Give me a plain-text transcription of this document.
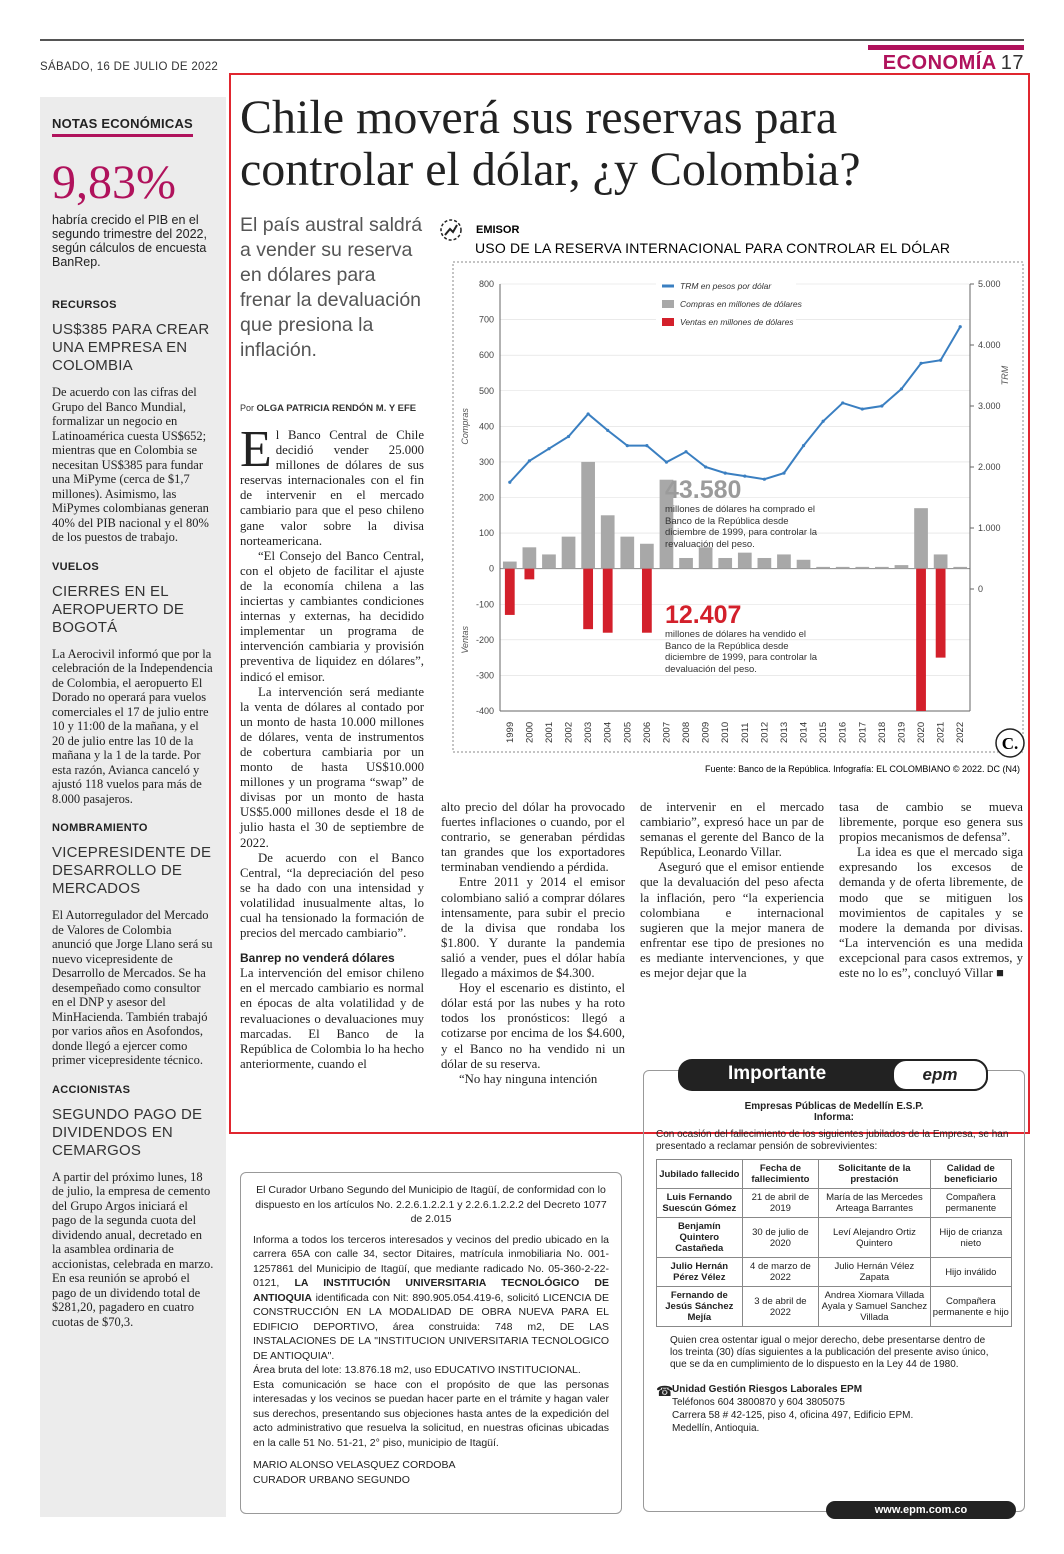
SÁBADO, 16 DE JULIO DE 2022	ECONOMÍA 17
NOTAS ECONÓMICAS
9,83%
habría crecido el PIB en el segundo trimestre del 2022, según cálculos de encuesta BanRep.
RECURSOS
US$385 PARA CREAR UNA EMPRESA EN COLOMBIA
De acuerdo con las cifras del Grupo del Banco Mundial, formalizar un negocio en Latinoamérica cuesta US$652; mientras que en Colombia se necesitan US$385 para fundar una MiPyme (cerca de $1,7 millones). Asimismo, las MiPymes colombianas generan 40% del PIB nacional y el 80% de los puestos de trabajo.
VUELOS
CIERRES EN EL AEROPUERTO DE BOGOTÁ
La Aerocivil informó que por la celebración de la Independencia de Colombia, el aeropuerto El Dorado no operará para vuelos comerciales el 17 de julio entre 10 y 11:00 de la mañana, y el 20 de julio entre las 10 de la mañana y la 1 de la tarde. Por esta razón, Avianca canceló y ajustó 118 vuelos para más de 8.000 pasajeros.
NOMBRAMIENTO
VICEPRESIDENTE DE DESARROLLO DE MERCADOS
El Autorregulador del Mercado de Valores de Colombia anunció que Jorge Llano será su nuevo vicepresidente de Desarrollo de Mercados. Se ha desempeñado como consultor en el DNP y asesor del MinHacienda. También trabajó por varios años en Asofondos, donde llegó a ejercer como primer vicepresidente técnico.
ACCIONISTAS
SEGUNDO PAGO DE DIVIDENDOS EN CEMARGOS
A partir del próximo lunes, 18 de julio, la empresa de cemento del Grupo Argos iniciará el pago de la segunda cuota del dividendo anual, decretado en la asamblea ordinaria de accionistas, celebrada en marzo. En esa reunión se aprobó el pago de un dividendo total de $281,20, pagadero en cuatro cuotas de $70,3.
Chile moverá sus reservas para
controlar el dólar, ¿y Colombia?
El país austral saldrá a vender su reserva en dólares para frenar la devaluación que presiona la inflación.
Por OLGA PATRICIA RENDÓN M. Y EFE

El Banco Central de Chile decidió vender 25.000 millones de dólares de sus reservas internacionales con el fin de intervenir en el mercado cambiario para que el peso chileno gane valor sobre la divisa norteamericana.

“El Consejo del Banco Central, con el objeto de facilitar el ajuste de la economía chilena a las inciertas y cambiantes condiciones internas y externas, ha decidido implementar un programa de intervención cambiaria y provisión preventiva de liquidez en dólares”, indicó el emisor.

La intervención será mediante la venta de dólares al contado por un monto de hasta 10.000 millones de dólares, venta de instrumentos de cobertura cambiaria por un monto de hasta US$10.000 millones y un programa “swap” de divisas por un monto de hasta US$5.000 millones desde el 18 de julio hasta el 30 de septiembre de 2022.

De acuerdo con el Banco Central, “la depreciación del peso se ha dado con una intensidad y volatilidad inusualmente altas, lo cual ha tensionado la formación de precios del mercado cambiario”.

Banrep no venderá dólares

La intervención del emisor chileno en el mercado cambiario es normal en épocas de alta volatilidad y de revaluaciones o devaluaciones muy marcadas. El Banco de la República de Colombia lo ha hecho anteriormente, cuando el

alto precio del dólar ha provocado fuertes inflaciones o cuando, por el contrario, se generaban pérdidas tan grandes que los exportadores terminaban vendiendo a pérdida.

Entre 2011 y 2014 el emisor colombiano salió a comprar dólares intensamente, para subir el precio de la divisa que rondaba los $1.800. Y durante la pandemia salió a vender, pues el dólar había llegado a máximos de $4.300.

Hoy el escenario es distinto, el dólar está por las nubes y ha roto todos los pronósticos: llegó a cotizarse por encima de los $4.600, y el Banco no ha vendido ni un dólar de su reserva.

“No hay ninguna intención

de intervenir en el mercado cambiario”, expresó hace un par de semanas el gerente del Banco de la República, Leonardo Villar.

Aseguró que el emisor entiende que la devaluación del peso afecta la inflación, pero “la experiencia colombiana e internacional sugieren que la mejor manera de enfrentar ese tipo de presiones no es mediante intervenciones, y que es mejor dejar que la

tasa de cambio se mueva libremente, porque eso genera sus propios mecanismos de defensa”.

La idea es que el mercado siga expresando los excesos de demanda y de oferta libremente, de modo que se mitiguen los movimientos de capitales y se modere la demanda por divisas. “La intervención es una medida excepcional para casos extremos, y este no lo es”, concluyó Villar ■

EMISOR
USO DE LA RESERVA INTERNACIONAL PARA CONTROLAR EL DÓLAR
800
700
600
500
400
300
200
100
0
-100
-200
-300
-400
5.000
4.000
3.000
2.000
1.000
0
1999 2000 2001 2002 2003 2004 2005 2006 2007 2008 2009 2010 2011 2012 2013 2014 2015 2016 2017 2018 2019 2020 2021 2022
Compras
Ventas
TRM
TRM en pesos por dólar
Compras en millones de dólares
Ventas en millones de dólares
43.580
millones de dólares ha comprado el Banco de la República desde diciembre de 1999, para controlar la revaluación del peso.
12.407
millones de dólares ha vendido el Banco de la República desde diciembre de 1999, para controlar la devaluación del peso.
Fuente: Banco de la República. Infografía: EL COLOMBIANO © 2022. DC (N4)
C.
El Curador Urbano Segundo del Municipio de Itagüí, de conformidad con lo dispuesto en los artículos No. 2.2.6.1.2.2.1 y 2.2.6.1.2.2.2 del Decreto 1077 de 2.015
Informa a todos los terceros interesados y vecinos del predio ubicado en la carrera 65A con calle 34, sector Ditaires, matrícula inmobiliaria No. 001-1257861 del Municipio de Itagüí, que mediante radicado No. 05-360-2-22-0121, LA INSTITUCIÓN UNIVERSITARIA TECNOLÓGICO DE ANTIOQUIA identificada con Nit: 890.905.054.419-6, solicitó LICENCIA DE CONSTRUCCIÓN EN LA MODALIDAD DE OBRA NUEVA PARA EL EDIFICIO DEPORTIVO, área construida: 748 m2, DE LAS INSTALACIONES DE LA "INSTITUCION UNIVERSITARIA TECNOLOGICO DE ANTIOQUIA".
Área bruta del lote: 13.876.18 m2, uso EDUCATIVO INSTITUCIONAL.
Esta comunicación se hace con el propósito de que las personas interesadas y los vecinos se puedan hacer parte en el trámite y hagan valer sus derechos, presentando sus objeciones hasta antes de la expedición del acto administrativo que resuelva la solicitud, en nuestras oficinas ubicadas en la calle 51 No. 51-21, 2° piso, municipio de Itagüí.
MARIO ALONSO VELASQUEZ CORDOBA
CURADOR URBANO SEGUNDO
Importante	epm
Empresas Públicas de Medellín E.S.P.
Informa:
Con ocasión del fallecimiento de los siguientes jubilados de la Empresa, se han presentado a reclamar pensión de sobrevivientes:
Jubilado fallecido	Fecha de fallecimiento	Solicitante de la prestación	Calidad de beneficiario
Luis Fernando Suescún Gómez	21 de abril de 2019	María de las Mercedes Arteaga Barrantes	Compañera permanente
Benjamín Quintero Castañeda	30 de julio de 2020	Leví Alejandro Ortiz Quintero	Hijo de crianza nieto
Julio Hernán Pérez Vélez	4 de marzo de 2022	Julio Hernán Vélez Zapata	Hijo inválido
Fernando de Jesús Sánchez Mejía	3 de abril de 2022	Andrea Xiomara Villada Ayala y Samuel Sanchez Villada	Compañera permanente e hijo
Quien crea ostentar igual o mejor derecho, debe presentarse dentro de los treinta (30) días siguientes a la publicación del presente aviso único, que se da en cumplimiento de lo dispuesto en la Ley 44 de 1980.
☎
Unidad Gestión Riesgos Laborales EPM
Teléfonos 604 3800870 y 604 3805075
Carrera 58 # 42-125, piso 4, oficina 497, Edificio EPM.
Medellín, Antioquia.
www.epm.com.co
